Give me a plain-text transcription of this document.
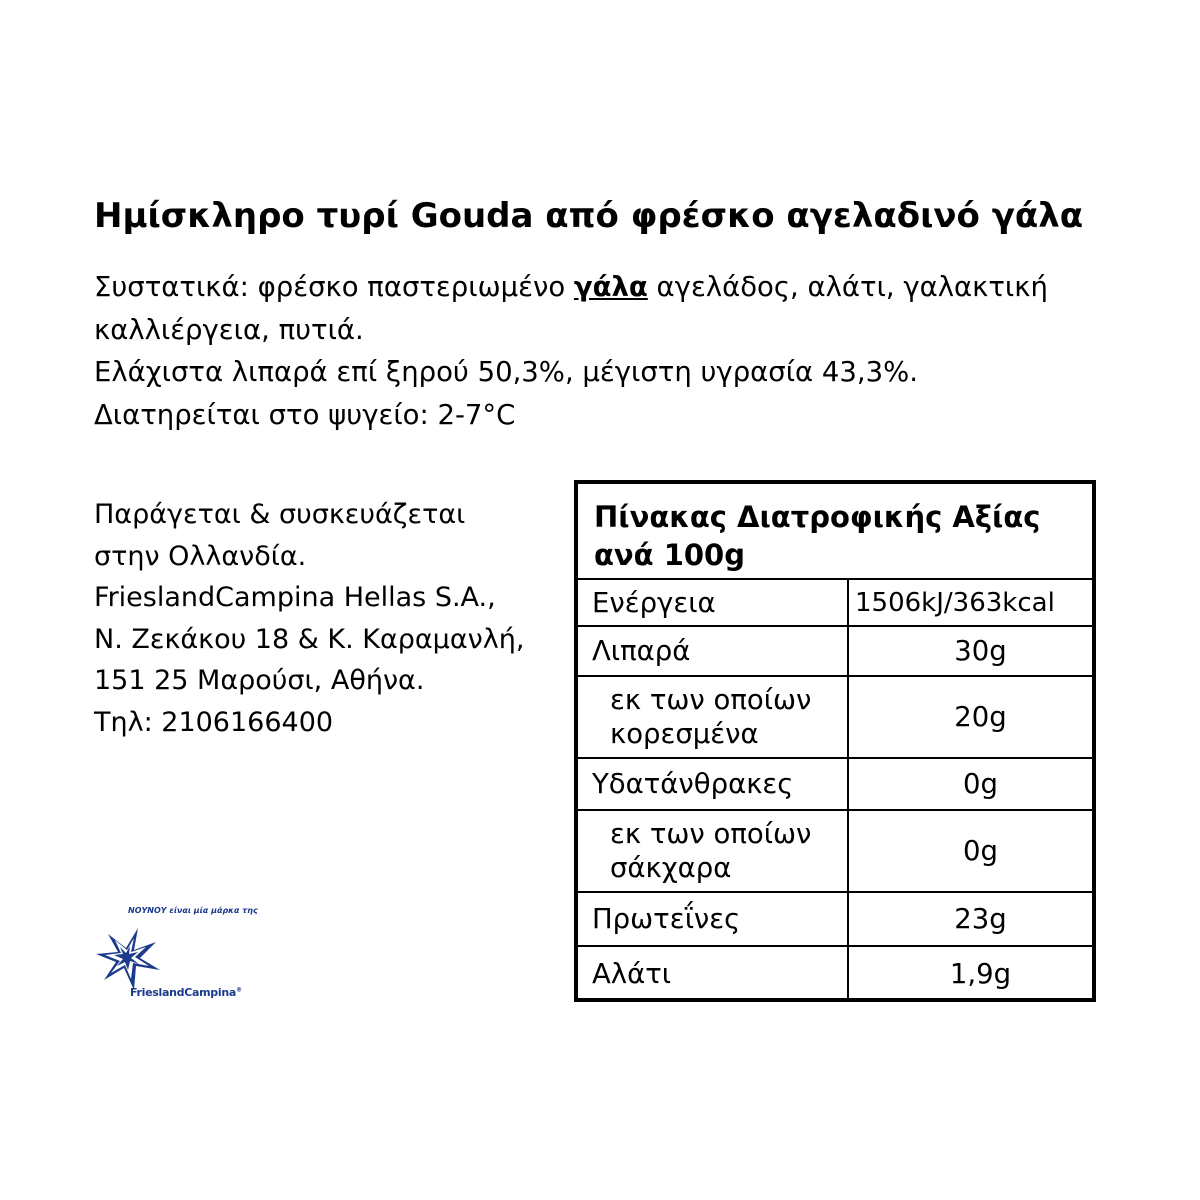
Ημίσκληρο τυρί Gouda από φρέσκο αγελαδινό γάλα

Συστατικά: φρέσκο παστεριωμένο γάλα αγελάδος, αλάτι, γαλακτική

καλλιέργεια, πυτιά.

Ελάχιστα λιπαρά επί ξηρού 50,3%, μέγιστη υγρασία 43,3%.

Διατηρείται στο ψυγείο: 2-7°C

Παράγεται & συσκευάζεται

στην Ολλανδία.

FrieslandCampina Hellas S.A.,

Ν. Ζεκάκου 18 & Κ. Καραμανλή,

151 25 Μαρούσι, Αθήνα.

Τηλ: 2106166400

ΝΟΥΝΟΥ είναι μία μάρκα της
FrieslandCampina®
Πίνακας Διατροφικής Αξίας
ανά 100g
Ενέργεια	1506kJ/363kcal
Λιπαρά	30g

εκ των οποίων
κορεσμένα	20g
Υδατάνθρακες	0g

εκ των οποίων
σάκχαρα	0g
Πρωτεΐνες	23g
Αλάτι	1,9g
